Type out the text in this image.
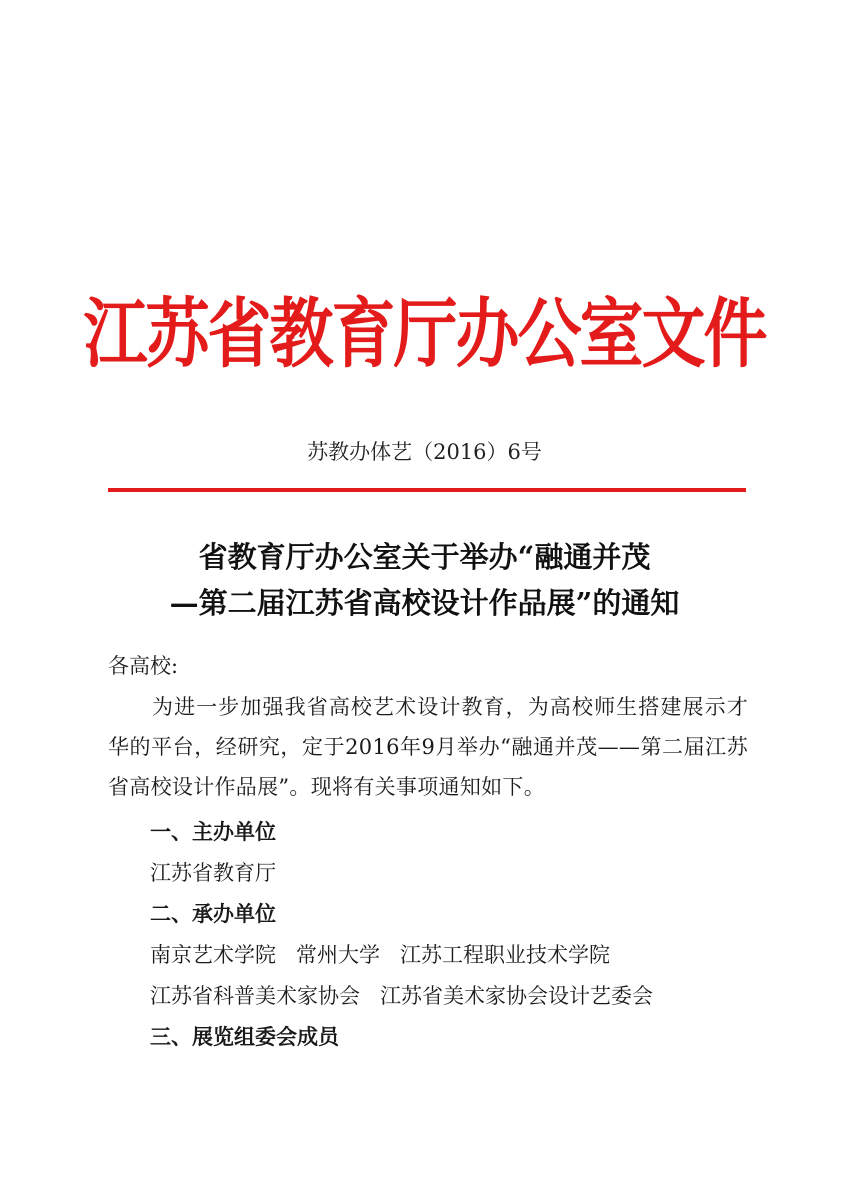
江苏省教育厅办公室文件
苏教办体艺（2016）6号
省教育厅办公室关于举办“融通并茂
—第二届江苏省高校设计作品展”的通知
各高校:
为进一步加强我省高校艺术设计教育，为高校师生搭建展示才华的平台，经研究，定于2016年9月举办“融通并茂——第二届江苏省高校设计作品展”。现将有关事项通知如下。
一、主办单位
江苏省教育厅
二、承办单位
南京艺术学院 常州大学 江苏工程职业技术学院
江苏省科普美术家协会 江苏省美术家协会设计艺委会
三、展览组委会成员
